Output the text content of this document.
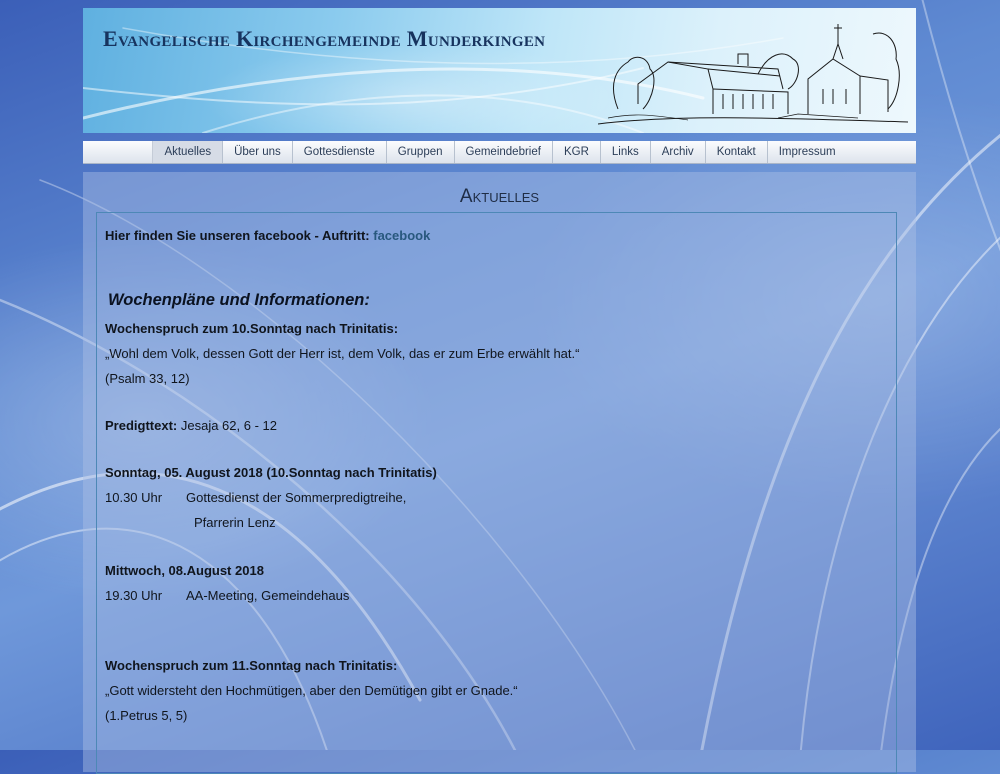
Evangelische Kirchengemeinde Munderkingen
Aktuelles	Über uns	Gottesdienste	Gruppen	Gemeindebrief	KGR	Links	Archiv	Kontakt	Impressum
Aktuelles
Hier finden Sie unseren facebook - Auftritt: facebook
Wochenpläne und Informationen:
Wochenspruch zum 10.Sonntag nach Trinitatis:
„Wohl dem Volk, dessen Gott der Herr ist, dem Volk, das er zum Erbe erwählt hat.“
(Psalm 33, 12)
Predigttext: Jesaja 62, 6 - 12
Sonntag, 05. August 2018 (10.Sonntag nach Trinitatis)
10.30 Uhr Gottesdienst der Sommerpredigtreihe,
Pfarrerin Lenz
Mittwoch, 08.August 2018
19.30 Uhr AA-Meeting, Gemeindehaus
Wochenspruch zum 11.Sonntag nach Trinitatis:
„Gott widersteht den Hochmütigen, aber den Demütigen gibt er Gnade.“
(1.Petrus 5, 5)
